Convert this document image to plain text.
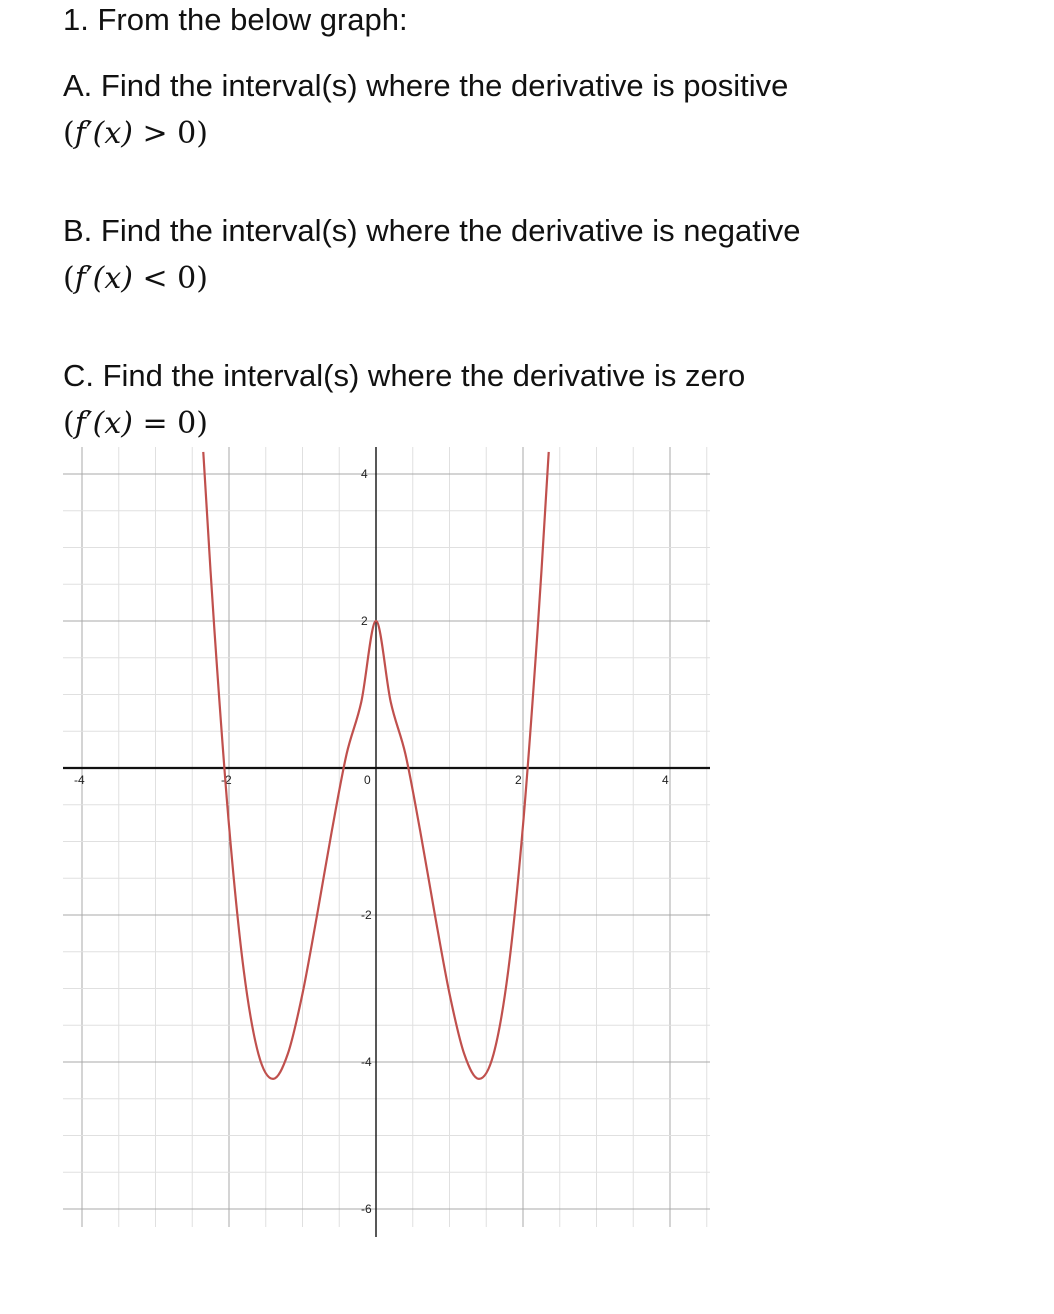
1. From the below graph:
A. Find the interval(s) where the derivative is positive
(f′(x) > 0)
B. Find the interval(s) where the derivative is negative
(f′(x) < 0)
C. Find the interval(s) where the derivative is zero
(f′(x) = 0)
-4	-2	0	2	4
4
2
-2
-4
-6
